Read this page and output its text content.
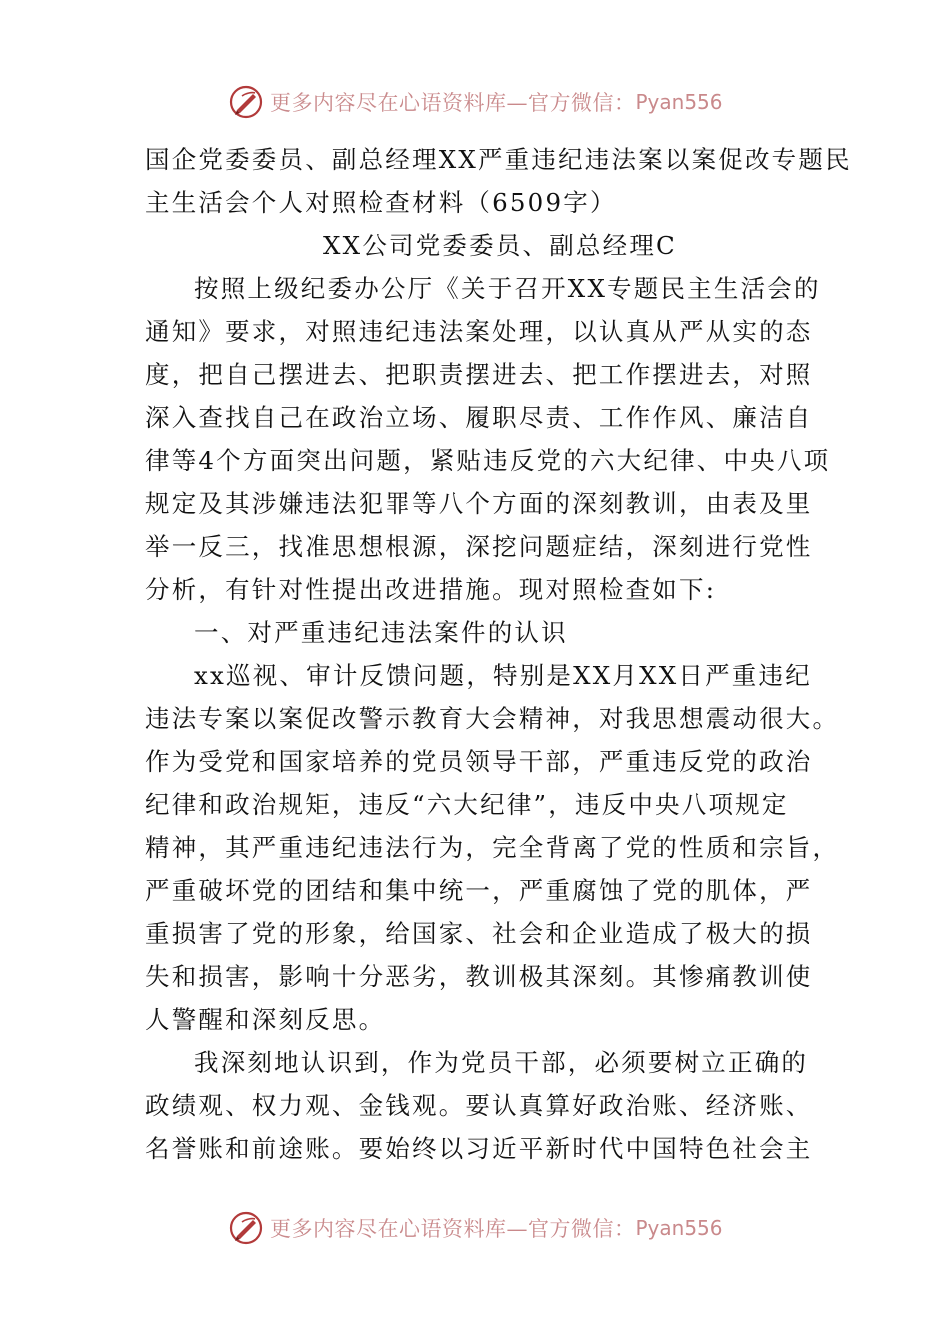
更多内容尽在心语资料库—官方微信： Pyan556
国企党委委员、副总经理XX严重违纪违法案以案促改专题民
主生活会个人对照检查材料（6509字）
XX公司党委委员、副总经理C
按照上级纪委办公厅《关于召开XX专题民主生活会的
通知》要求，对照违纪违法案处理，以认真从严从实的态
度，把自己摆进去、把职责摆进去、把工作摆进去，对照
深入查找自己在政治立场、履职尽责、工作作风、廉洁自
律等4个方面突出问题，紧贴违反党的六大纪律、中央八项
规定及其涉嫌违法犯罪等八个方面的深刻教训，由表及里
举一反三，找准思想根源，深挖问题症结，深刻进行党性
分析，有针对性提出改进措施。现对照检查如下:
一、对严重违纪违法案件的认识
xx巡视、审计反馈问题，特别是XX月XX日严重违纪
违法专案以案促改警示教育大会精神，对我思想震动很大。
作为受党和国家培养的党员领导干部，严重违反党的政治
纪律和政治规矩，违反“六大纪律”，违反中央八项规定
精神，其严重违纪违法行为，完全背离了党的性质和宗旨，
严重破坏党的团结和集中统一，严重腐蚀了党的肌体，严
重损害了党的形象，给国家、社会和企业造成了极大的损
失和损害，影响十分恶劣，教训极其深刻。其惨痛教训使
人警醒和深刻反思。
我深刻地认识到，作为党员干部，必须要树立正确的
政绩观、权力观、金钱观。要认真算好政治账、经济账、
名誉账和前途账。要始终以习近平新时代中国特色社会主
更多内容尽在心语资料库—官方微信： Pyan556
